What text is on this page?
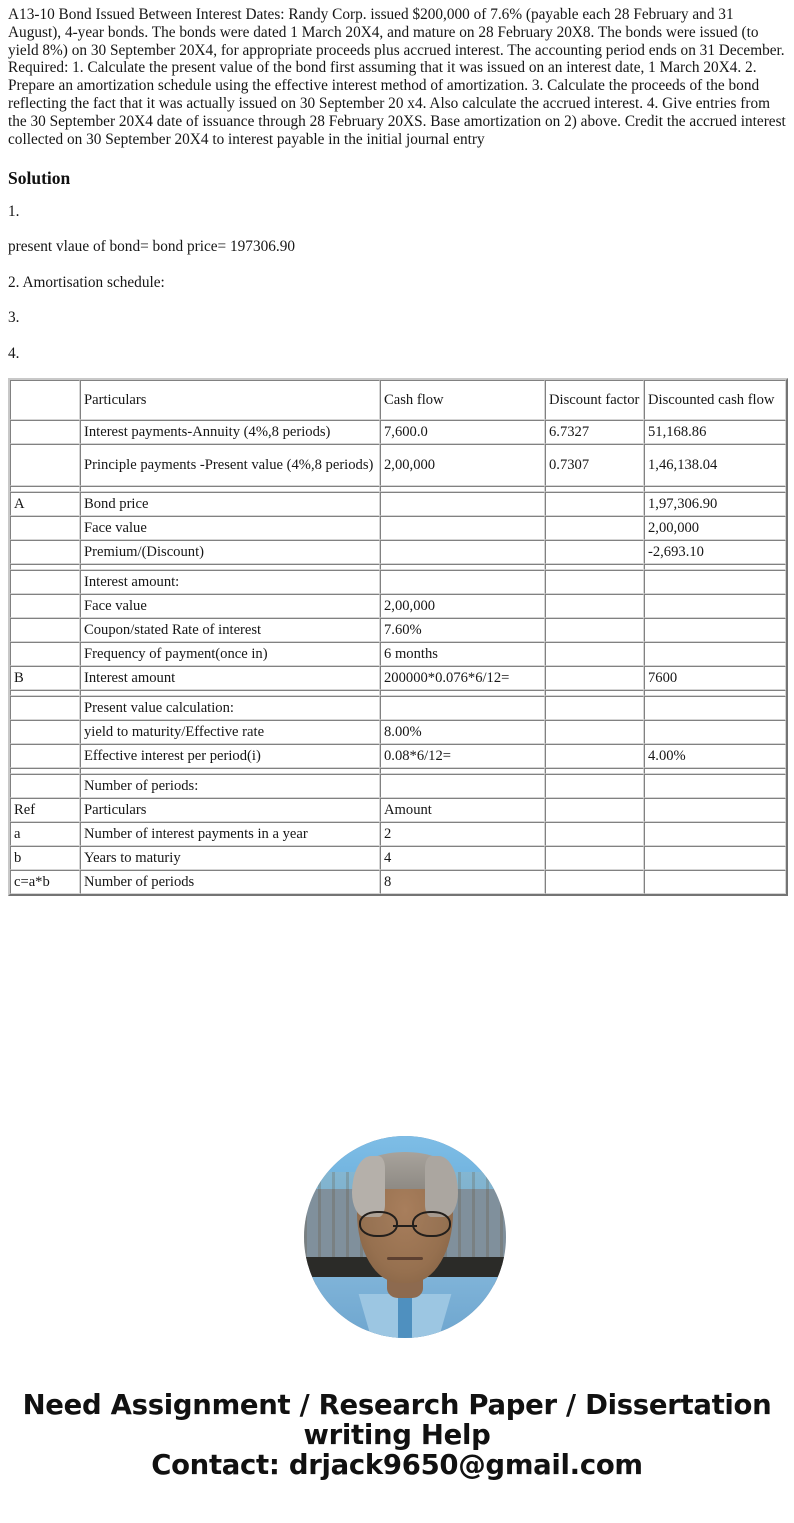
A13-10 Bond Issued Between Interest Dates: Randy Corp. issued $200,000 of 7.6% (payable each 28 February and 31 August), 4-year bonds. The bonds were dated 1 March 20X4, and mature on 28 February 20X8. The bonds were issued (to yield 8%) on 30 September 20X4, for appropriate proceeds plus accrued interest. The accounting period ends on 31 December. Required: 1. Calculate the present value of the bond first assuming that it was issued on an interest date, 1 March 20X4. 2. Prepare an amortization schedule using the effective interest method of amortization. 3. Calculate the proceeds of the bond reflecting the fact that it was actually issued on 30 September 20 x4. Also calculate the accrued interest. 4. Give entries from the 30 September 20X4 date of issuance through 28 February 20XS. Base amortization on 2) above. Credit the accrued interest collected on 30 September 20X4 to interest payable in the initial journal entry

Solution

1.

present vlaue of bond= bond price= 197306.90

2. Amortisation schedule:

3.

4.

	Particulars	Cash flow	Discount factor	Discounted cash flow
	Interest payments-Annuity (4%,8 periods)	7,600.0	6.7327	51,168.86
	Principle payments -Present value (4%,8 periods)	2,00,000	0.7307	1,46,138.04

A	Bond price			1,97,306.90
	Face value			2,00,000
	Premium/(Discount)			-2,693.10

	Interest amount:			
	Face value	2,00,000		
	Coupon/stated Rate of interest	7.60%		
	Frequency of payment(once in)	6 months		
B	Interest amount	200000*0.076*6/12=		7600

	Present value calculation:			
	yield to maturity/Effective rate	8.00%		
	Effective interest per period(i)	0.08*6/12=		4.00%

	Number of periods:			
Ref	Particulars	Amount		
a	Number of interest payments in a year	2		
b	Years to maturiy	4		
c=a*b	Number of periods	8		
Need Assignment / Research Paper / Dissertation
writing Help
Contact: drjack9650@gmail.com
